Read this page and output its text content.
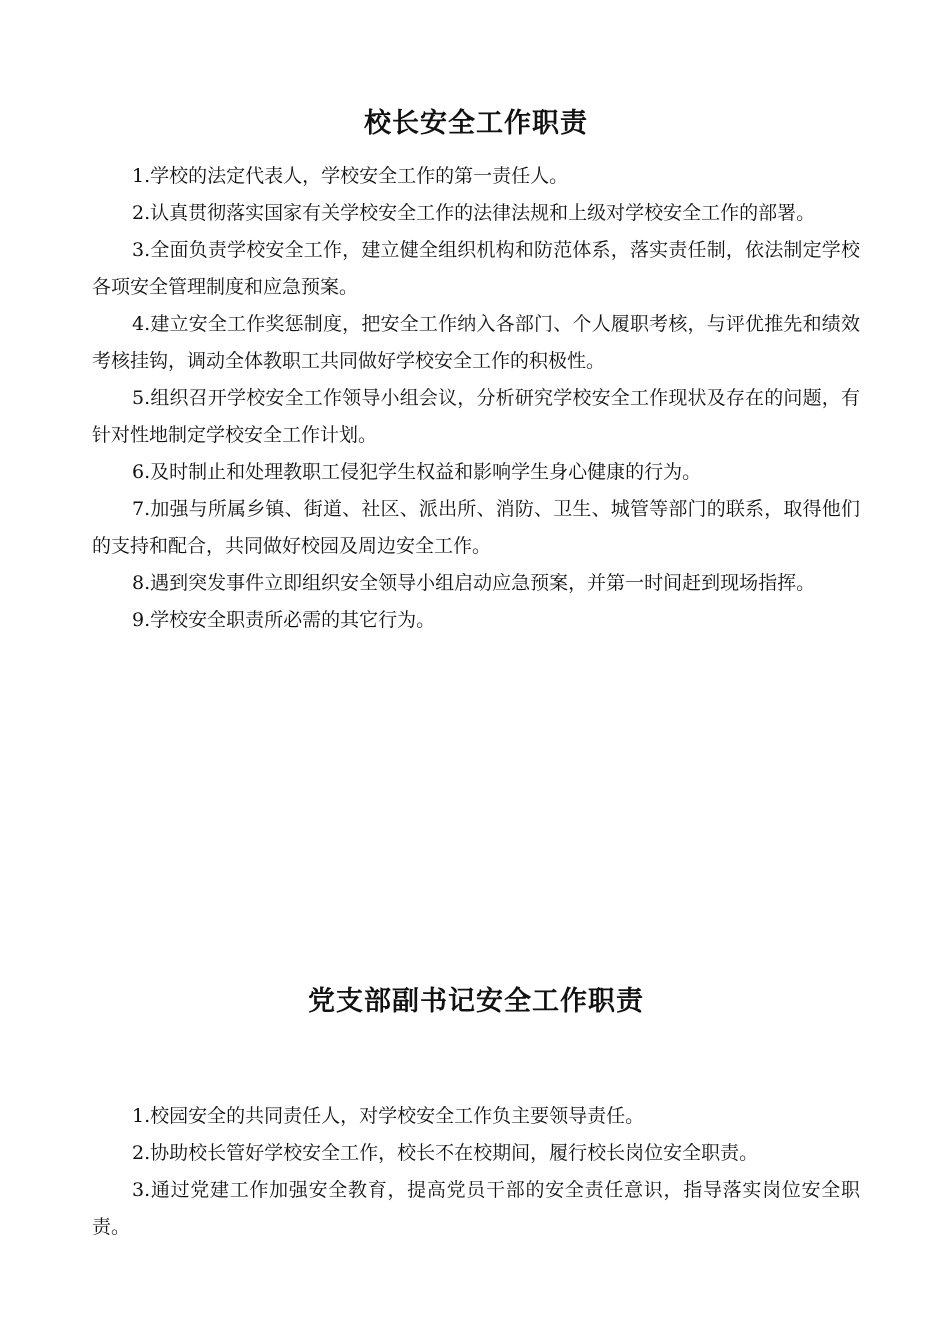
校长安全工作职责

1.学校的法定代表人，学校安全工作的第一责任人。

2.认真贯彻落实国家有关学校安全工作的法律法规和上级对学校安全工作的部署。

3.全面负责学校安全工作，建立健全组织机构和防范体系，落实责任制，依法制定学校各项安全管理制度和应急预案。

4.建立安全工作奖惩制度，把安全工作纳入各部门、个人履职考核，与评优推先和绩效考核挂钩，调动全体教职工共同做好学校安全工作的积极性。

5.组织召开学校安全工作领导小组会议，分析研究学校安全工作现状及存在的问题，有针对性地制定学校安全工作计划。

6.及时制止和处理教职工侵犯学生权益和影响学生身心健康的行为。

7.加强与所属乡镇、街道、社区、派出所、消防、卫生、城管等部门的联系，取得他们的支持和配合，共同做好校园及周边安全工作。

8.遇到突发事件立即组织安全领导小组启动应急预案，并第一时间赶到现场指挥。

9.学校安全职责所必需的其它行为。

党支部副书记安全工作职责

1.校园安全的共同责任人，对学校安全工作负主要领导责任。

2.协助校长管好学校安全工作，校长不在校期间，履行校长岗位安全职责。

3.通过党建工作加强安全教育，提高党员干部的安全责任意识，指导落实岗位安全职责。
